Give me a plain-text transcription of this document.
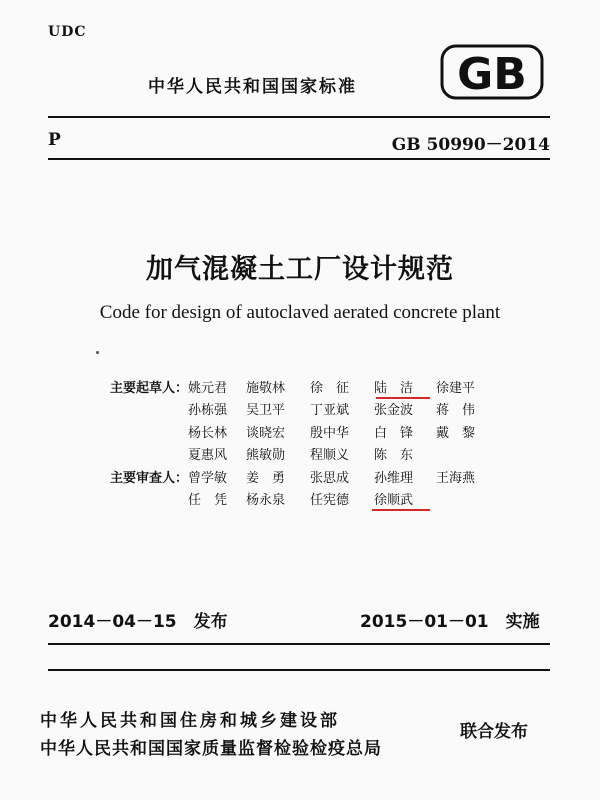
UDC
中华人民共和国国家标准 GB
P	GB 50990－2014
加气混凝土工厂设计规范
Code for design of autoclaved aerated concrete plant
主要起草人： 姚元君	施敬林	徐　征	陆　洁	徐建平
孙栋强	吴卫平	丁亚斌	张金波	蒋　伟
杨长林	谈晓宏	殷中华	白　锋	戴　黎
夏惠风	熊敏勋	程顺义	陈　东
主要审查人： 曾学敏	姜　勇	张思成	孙维理	王海燕
任　凭	杨永泉	任宪德	徐顺武
2014－04－15　发布	2015－01－01　实施
中华人民共和国住房和城乡建设部
中华人民共和国国家质量监督检验检疫总局
联合发布
